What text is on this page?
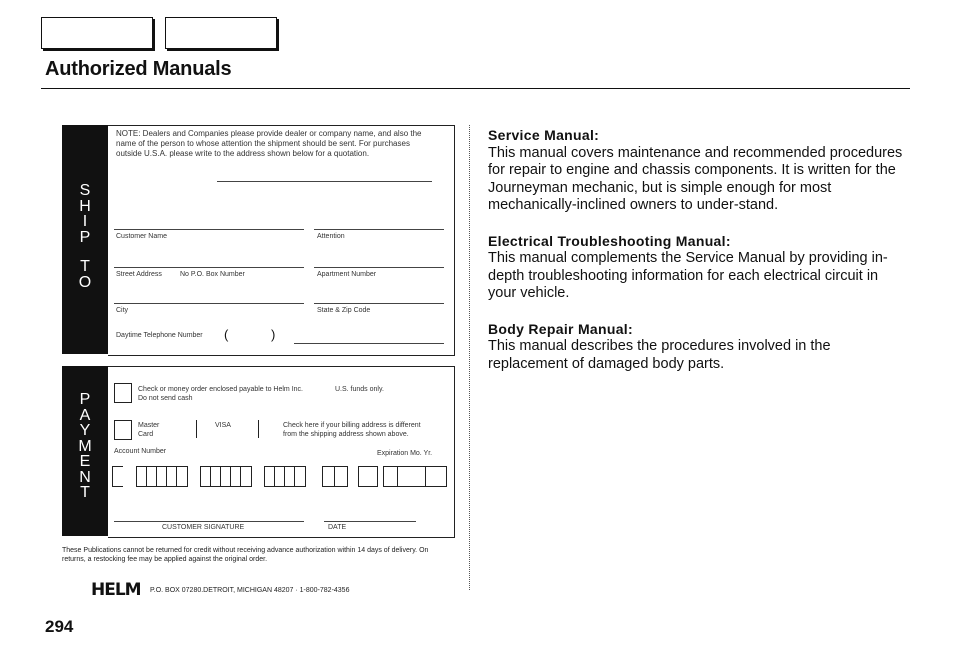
Authorized Manuals
S
H
I
P
T
O
NOTE: Dealers and Companies please provide dealer or company name, and also the name of the person to whose attention the shipment should be sent. For purchases outside U.S.A. please write to the address shown below for a quotation.
Customer Name	Attention
Street Address	No P.O. Box Number	Apartment Number
City	State & Zip Code
Daytime Telephone Number (	)
P
A
Y
M
E
N
T
Check or money order enclosed payable to Helm Inc.	U.S. funds only.
Do not send cash
Master
Card
VISA	Check here if your billing address is different
from the shipping address shown above.
Account Number	Expiration Mo. Yr.
CUSTOMER SIGNATURE	DATE
These Publications cannot be returned for credit without receiving advance authorization within 14 days of delivery. On returns, a restocking fee may be applied against the original order.
HELM P.O. BOX 07280.DETROIT, MICHIGAN 48207 · 1-800-782-4356
294
Service Manual:

This manual covers maintenance and recommended procedures for repair to engine and chassis components. It is written for the Journeyman mechanic, but is simple enough for most mechanically-inclined owners to under-stand.

Electrical Troubleshooting Manual:

This manual complements the Service Manual by providing in-depth troubleshooting information for each electrical circuit in your vehicle.

Body Repair Manual:

This manual describes the procedures involved in the replacement of damaged body parts.
